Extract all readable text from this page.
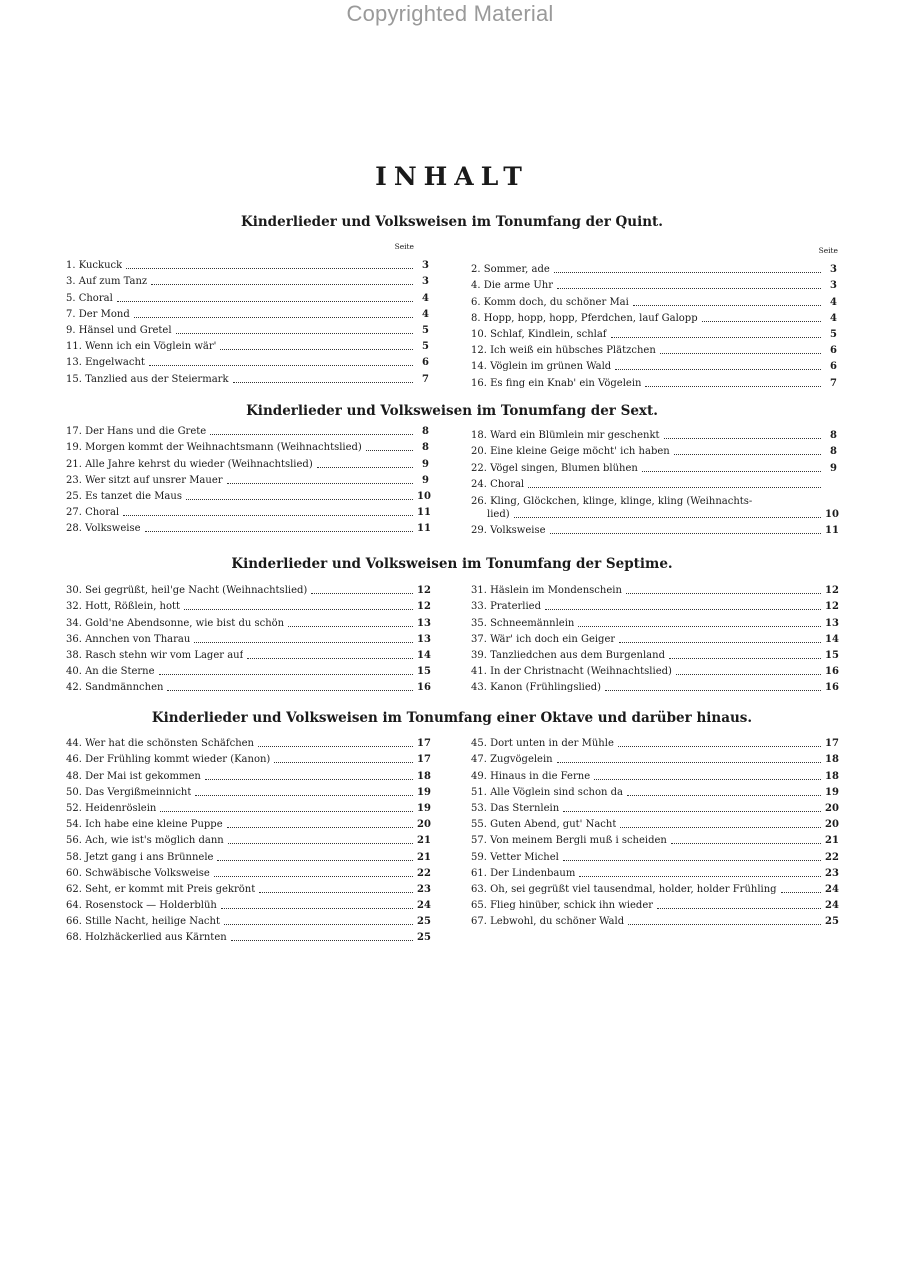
Copyrighted Material
INHALT
Kinderlieder und Volksweisen im Tonumfang der Quint.
Seite	Seite
1. Kuckuck	3
3. Auf zum Tanz	3
5. Choral	4
7. Der Mond	4
9. Hänsel und Gretel	5
11. Wenn ich ein Vöglein wär'	5
13. Engelwacht	6
15. Tanzlied aus der Steiermark	7
2. Sommer, ade	3
4. Die arme Uhr	3
6. Komm doch, du schöner Mai	4
8. Hopp, hopp, hopp, Pferdchen, lauf Galopp	4
10. Schlaf, Kindlein, schlaf	5
12. Ich weiß ein hübsches Plätzchen	6
14. Vöglein im grünen Wald	6
16. Es fing ein Knab' ein Vögelein	7
Kinderlieder und Volksweisen im Tonumfang der Sext.
17. Der Hans und die Grete	8
19. Morgen kommt der Weihnachtsmann (Weihnachtslied)	8
21. Alle Jahre kehrst du wieder (Weihnachtslied)	9
23. Wer sitzt auf unsrer Mauer	9
25. Es tanzet die Maus	10
27. Choral	11
28. Volksweise	11
18. Ward ein Blümlein mir geschenkt	8
20. Eine kleine Geige möcht' ich haben	8
22. Vögel singen, Blumen blühen	9
24. Choral
26. Kling, Glöckchen, klinge, klinge, kling (Weihnachts-
lied)	10
29. Volksweise	11
Kinderlieder und Volksweisen im Tonumfang der Septime.
30. Sei gegrüßt, heil'ge Nacht (Weihnachtslied)	12
32. Hott, Rößlein, hott	12
34. Gold'ne Abendsonne, wie bist du schön	13
36. Ännchen von Tharau	13
38. Rasch stehn wir vom Lager auf	14
40. An die Sterne	15
42. Sandmännchen	16
31. Häslein im Mondenschein	12
33. Praterlied	12
35. Schneemännlein	13
37. Wär' ich doch ein Geiger	14
39. Tanzliedchen aus dem Burgenland	15
41. In der Christnacht (Weihnachtslied)	16
43. Kanon (Frühlingslied)	16
Kinderlieder und Volksweisen im Tonumfang einer Oktave und darüber hinaus.
44. Wer hat die schönsten Schäfchen	17
46. Der Frühling kommt wieder (Kanon)	17
48. Der Mai ist gekommen	18
50. Das Vergißmeinnicht	19
52. Heidenröslein	19
54. Ich habe eine kleine Puppe	20
56. Ach, wie ist's möglich dann	21
58. Jetzt gang i ans Brünnele	21
60. Schwäbische Volksweise	22
62. Seht, er kommt mit Preis gekrönt	23
64. Rosenstock — Holderblüh	24
66. Stille Nacht, heilige Nacht	25
68. Holzhäckerlied aus Kärnten	25
45. Dort unten in der Mühle	17
47. Zugvögelein	18
49. Hinaus in die Ferne	18
51. Alle Vöglein sind schon da	19
53. Das Sternlein	20
55. Guten Abend, gut' Nacht	20
57. Von meinem Bergli muß i scheiden	21
59. Vetter Michel	22
61. Der Lindenbaum	23
63. Oh, sei gegrüßt viel tausendmal, holder, holder Frühling	24
65. Flieg hinüber, schick ihn wieder	24
67. Lebwohl, du schöner Wald	25
